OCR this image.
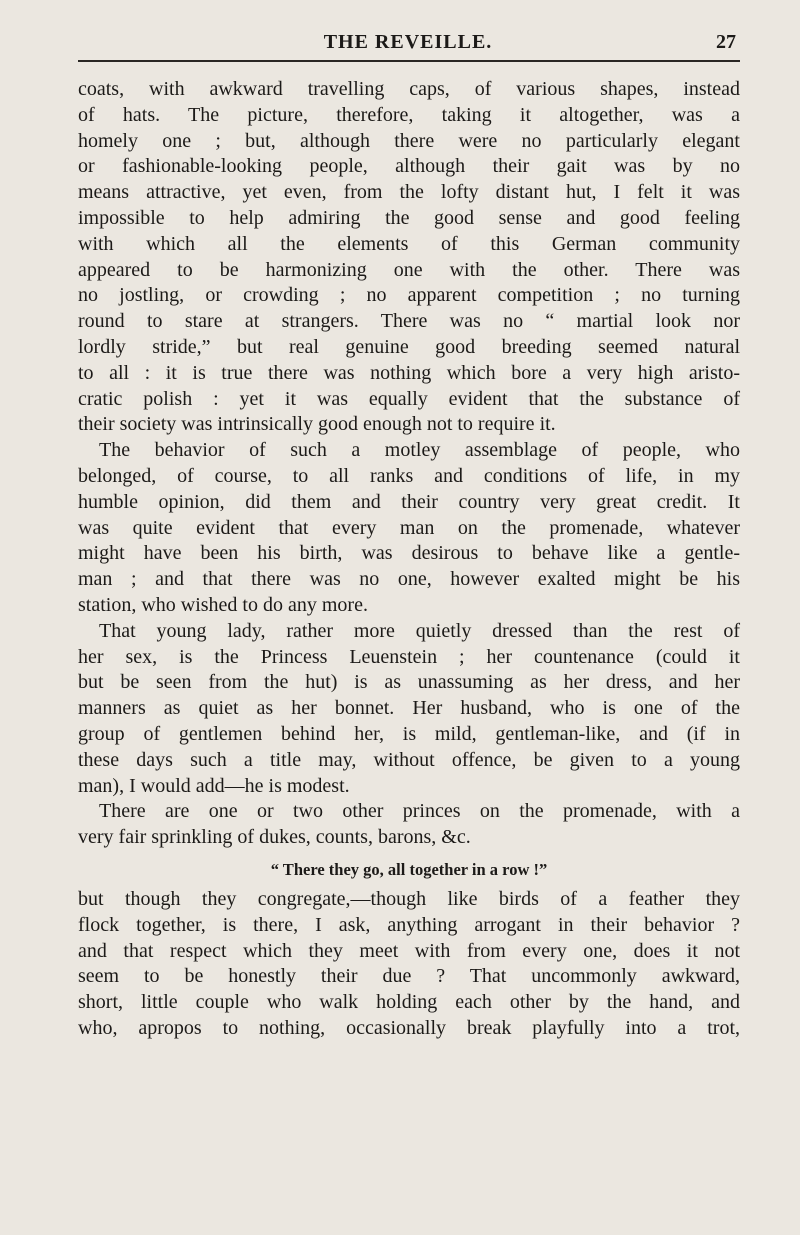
THE REVEILLE.	27
coats, with awkward travelling caps, of various shapes, instead
of hats. The picture, therefore, taking it altogether, was a
homely one ; but, although there were no particularly elegant
or fashionable-looking people, although their gait was by no
means attractive, yet even, from the lofty distant hut, I felt it was
impossible to help admiring the good sense and good feeling
with which all the elements of this German community
appeared to be harmonizing one with the other. There was
no jostling, or crowding ; no apparent competition ; no turning
round to stare at strangers. There was no “ martial look nor
lordly stride,” but real genuine good breeding seemed natural
to all : it is true there was nothing which bore a very high aristo-
cratic polish : yet it was equally evident that the substance of
their society was intrinsically good enough not to require it.
The behavior of such a motley assemblage of people, who
belonged, of course, to all ranks and conditions of life, in my
humble opinion, did them and their country very great credit. It
was quite evident that every man on the promenade, whatever
might have been his birth, was desirous to behave like a gentle-
man ; and that there was no one, however exalted might be his
station, who wished to do any more.
That young lady, rather more quietly dressed than the rest of
her sex, is the Princess Leuenstein ; her countenance (could it
but be seen from the hut) is as unassuming as her dress, and her
manners as quiet as her bonnet. Her husband, who is one of the
group of gentlemen behind her, is mild, gentleman-like, and (if in
these days such a title may, without offence, be given to a young
man), I would add—he is modest.
There are one or two other princes on the promenade, with a
very fair sprinkling of dukes, counts, barons, &c.
“ There they go, all together in a row !”
but though they congregate,—though like birds of a feather they
flock together, is there, I ask, anything arrogant in their behavior ?
and that respect which they meet with from every one, does it not
seem to be honestly their due ? That uncommonly awkward,
short, little couple who walk holding each other by the hand, and
who, apropos to nothing, occasionally break playfully into a trot,
